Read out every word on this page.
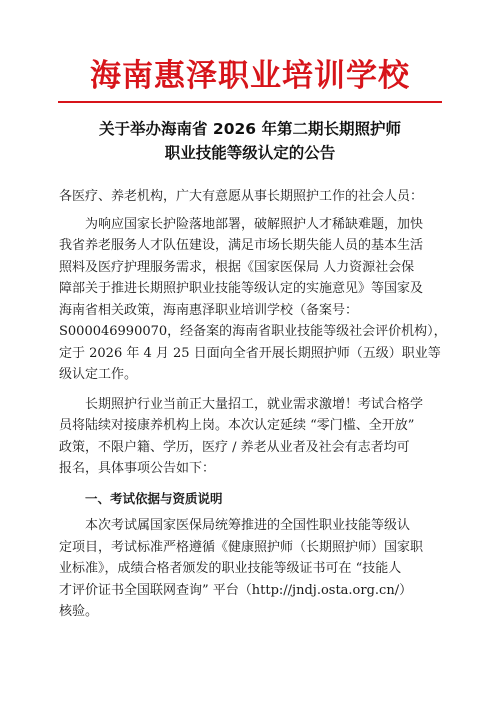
海南惠泽职业培训学校
关于举办海南省 2026 年第二期长期照护师
职业技能等级认定的公告
各医疗、养老机构，广大有意愿从事长期照护工作的社会人员：
为响应国家长护险落地部署，破解照护人才稀缺难题，加快
我省养老服务人才队伍建设，满足市场长期失能人员的基本生活
照料及医疗护理服务需求，根据《国家医保局 人力资源社会保
障部关于推进长期照护职业技能等级认定的实施意见》等国家及
海南省相关政策，海南惠泽职业培训学校（备案号：
S000046990070，经备案的海南省职业技能等级社会评价机构），
定于 2026 年 4 月 25 日面向全省开展长期照护师（五级）职业等
级认定工作。
长期照护行业当前正大量招工，就业需求激增！考试合格学
员将陆续对接康养机构上岗。本次认定延续 “零门槛、全开放”
政策，不限户籍、学历，医疗 / 养老从业者及社会有志者均可
报名，具体事项公告如下：
一、考试依据与资质说明
本次考试属国家医保局统筹推进的全国性职业技能等级认
定项目，考试标准严格遵循《健康照护师（长期照护师）国家职
业标准》，成绩合格者颁发的职业技能等级证书可在 “技能人
才评价证书全国联网查询” 平台（http://jndj.osta.org.cn/）
核验。
